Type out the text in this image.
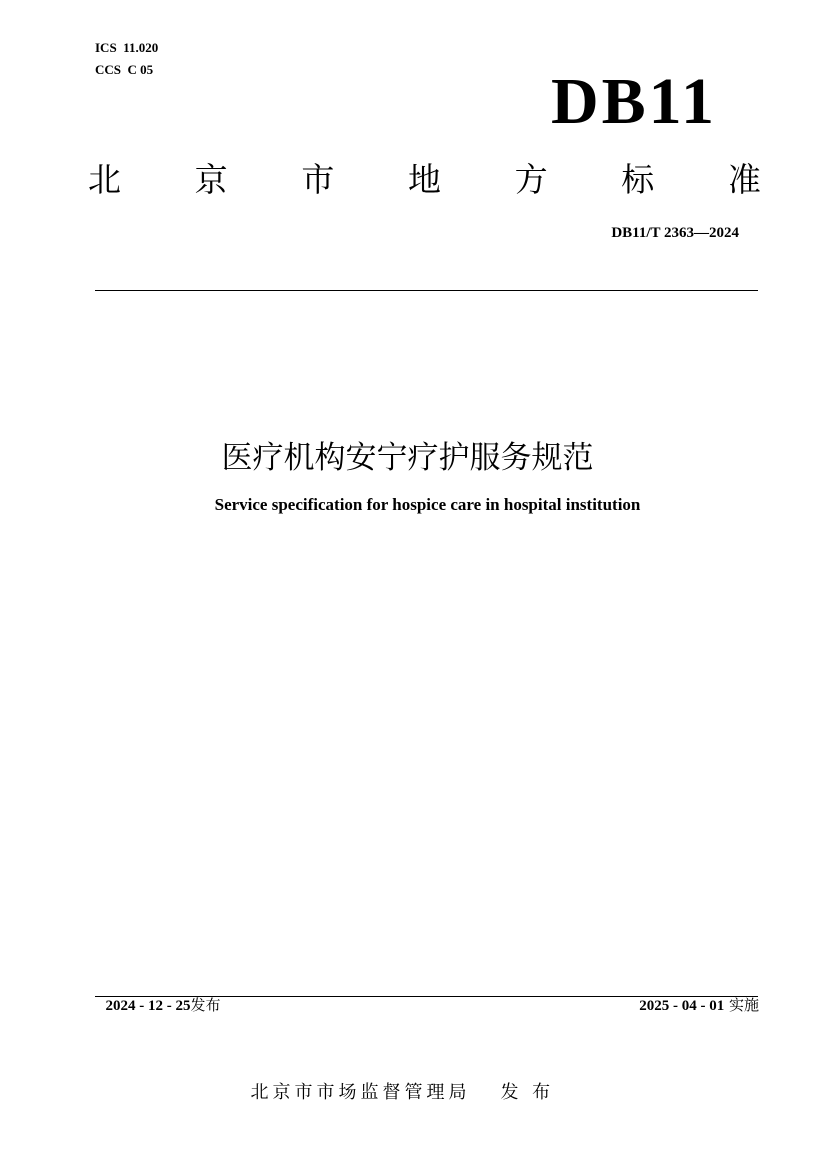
ICS  11.020
CCS  C 05	DB11
北 京 市 地 方 标 准
DB11/T 2363—2024
医疗机构安宁疗护服务规范
Service specification for hospice care in hospital institution

2024 - 12 - 25发布	2025 - 04 - 01 实施

北京市市场监督管理局 发 布
